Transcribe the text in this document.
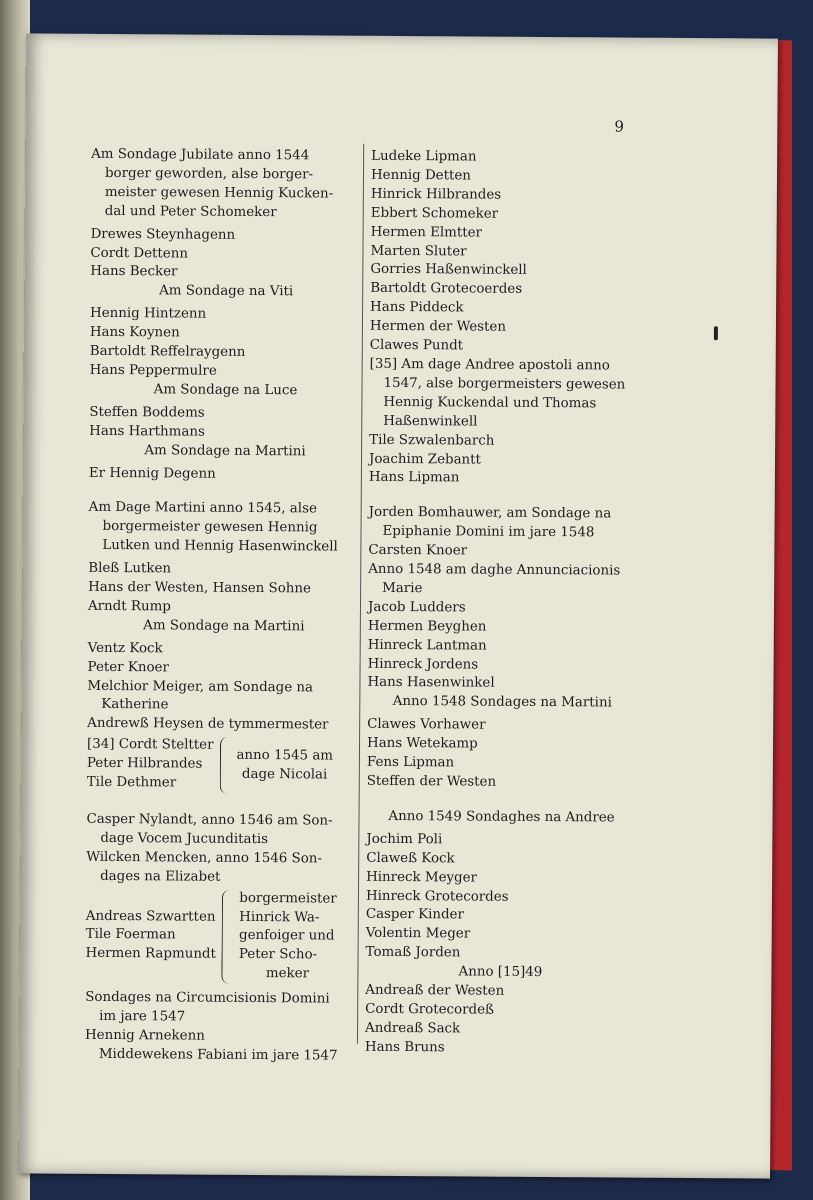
9
Am Sondage Jubilate anno 1544
borger geworden, alse borger-
meister gewesen Hennig Kucken-
dal und Peter Schomeker
Drewes Steynhagenn
Cordt Dettenn
Hans Becker
Am Sondage na Viti
Hennig Hintzenn
Hans Koynen
Bartoldt Reffelraygenn
Hans Peppermulre
Am Sondage na Luce
Steffen Boddems
Hans Harthmans
Am Sondage na Martini
Er Hennig Degenn
Am Dage Martini anno 1545, alse
borgermeister gewesen Hennig
Lutken und Hennig Hasenwinckell
Bleß Lutken
Hans der Westen, Hansen Sohne
Arndt Rump
Am Sondage na Martini
Ventz Kock
Peter Knoer
Melchior Meiger, am Sondage na
Katherine
Andrewß Heysen de tymmermester
[34] Cordt Steltter
Peter Hilbrandes
Tile Dethmer
anno 1545 am
dage Nicolai
Casper Nylandt, anno 1546 am Son-
dage Vocem Jucunditatis
Wilcken Mencken, anno 1546 Son-
dages na Elizabet
Andreas Szwartten
Tile Foerman
Hermen Rapmundt
borgermeister
Hinrick Wa-
genfoiger und
Peter Scho-
meker
Sondages na Circumcisionis Domini
im jare 1547
Hennig Arnekenn
Middewekens Fabiani im jare 1547
Ludeke Lipman
Hennig Detten
Hinrick Hilbrandes
Ebbert Schomeker
Hermen Elmtter
Marten Sluter
Gorries Haßenwinckell
Bartoldt Grotecoerdes
Hans Piddeck
Hermen der Westen
Clawes Pundt
[35] Am dage Andree apostoli anno
1547, alse borgermeisters gewesen
Hennig Kuckendal und Thomas
Haßenwinkell
Tile Szwalenbarch
Joachim Zebantt
Hans Lipman
Jorden Bomhauwer, am Sondage na
Epiphanie Domini im jare 1548
Carsten Knoer
Anno 1548 am daghe Annunciacionis
Marie
Jacob Ludders
Hermen Beyghen
Hinreck Lantman
Hinreck Jordens
Hans Hasenwinkel
Anno 1548 Sondages na Martini
Clawes Vorhawer
Hans Wetekamp
Fens Lipman
Steffen der Westen
Anno 1549 Sondaghes na Andree
Jochim Poli
Claweß Kock
Hinreck Meyger
Hinreck Grotecordes
Casper Kinder
Volentin Meger
Tomaß Jorden
Anno [15]49
Andreaß der Westen
Cordt Grotecordeß
Andreaß Sack
Hans Bruns
